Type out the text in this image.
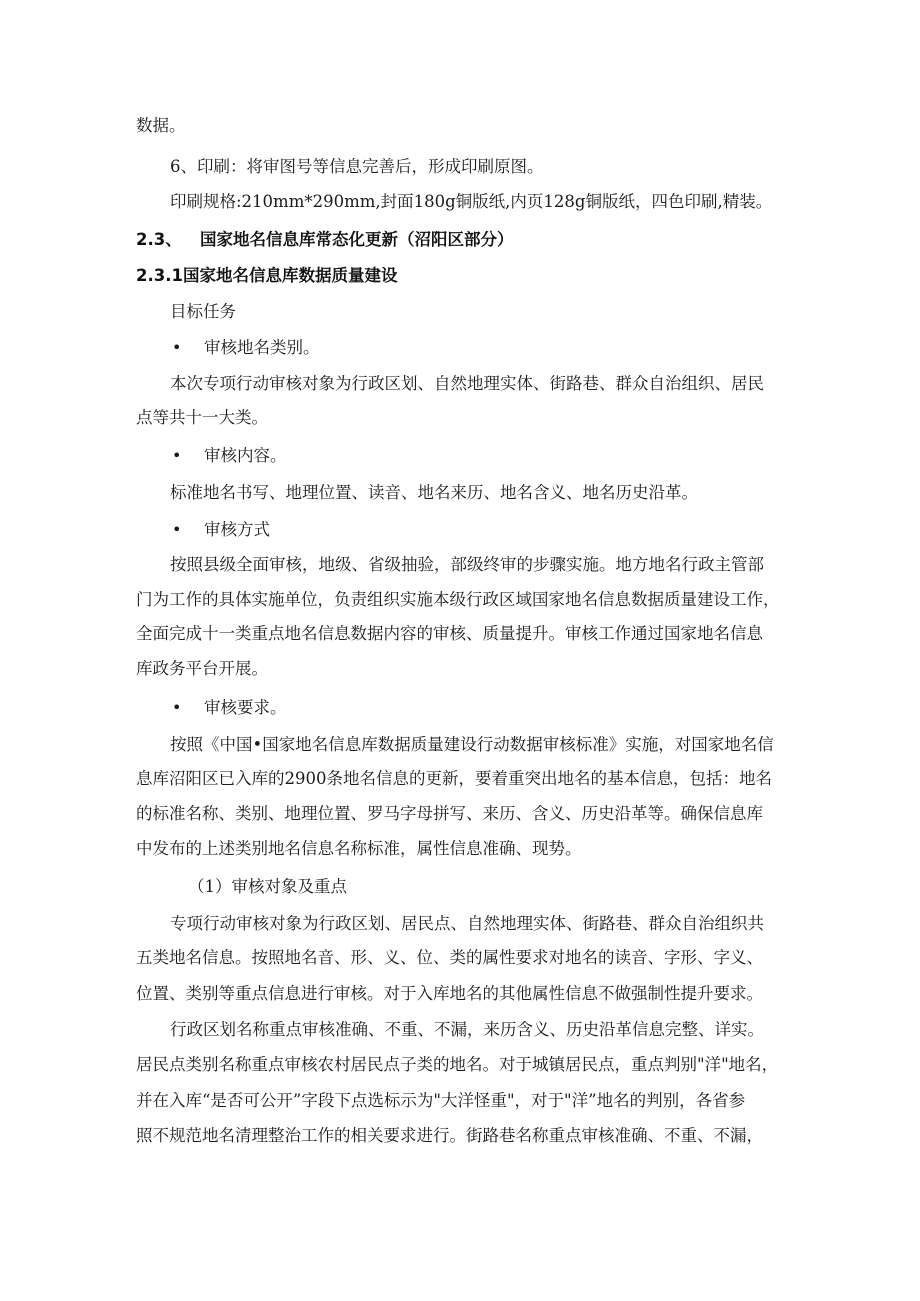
数据。
6、印刷：将审图号等信息完善后，形成印刷原图。
印刷规格:210mm*290mm,封面180g铜版纸,内页128g铜版纸，四色印刷,精装。
2.3、 国家地名信息库常态化更新（沼阳区部分）
2.3.1国家地名信息库数据质量建设
目标任务
• 审核地名类别。
本次专项行动审核对象为行政区划、自然地理实体、街路巷、群众自治组织、居民
点等共十一大类。
• 审核内容。
标准地名书写、地理位置、读音、地名来历、地名含义、地名历史沿革。
• 审核方式
按照县级全面审核，地级、省级抽验，部级终审的步骤实施。地方地名行政主管部
门为工作的具体实施单位，负责组织实施本级行政区域国家地名信息数据质量建设工作，
全面完成十一类重点地名信息数据内容的审核、质量提升。审核工作通过国家地名信息
库政务平台开展。
• 审核要求。
按照《中国•国家地名信息库数据质量建设行动数据审核标准》实施，对国家地名信
息库沼阳区已入库的2900条地名信息的更新，要着重突出地名的基本信息，包括：地名
的标准名称、类别、地理位置、罗马字母拼写、来历、含义、历史沿革等。确保信息库
中发布的上述类别地名信息名称标准，属性信息准确、现势。
（1）审核对象及重点
专项行动审核对象为行政区划、居民点、自然地理实体、街路巷、群众自治组织共
五类地名信息。按照地名音、形、义、位、类的属性要求对地名的读音、字形、字义、
位置、类别等重点信息进行审核。对于入库地名的其他属性信息不做强制性提升要求。
行政区划名称重点审核准确、不重、不漏，来历含义、历史沿革信息完整、详实。
居民点类别名称重点审核农村居民点子类的地名。对于城镇居民点，重点判别"洋"地名，
并在入库“是否可公开”字段下点选标示为"大洋怪重"，对于"洋”地名的判别，各省参
照不规范地名清理整治工作的相关要求进行。街路巷名称重点审核准确、不重、不漏，
